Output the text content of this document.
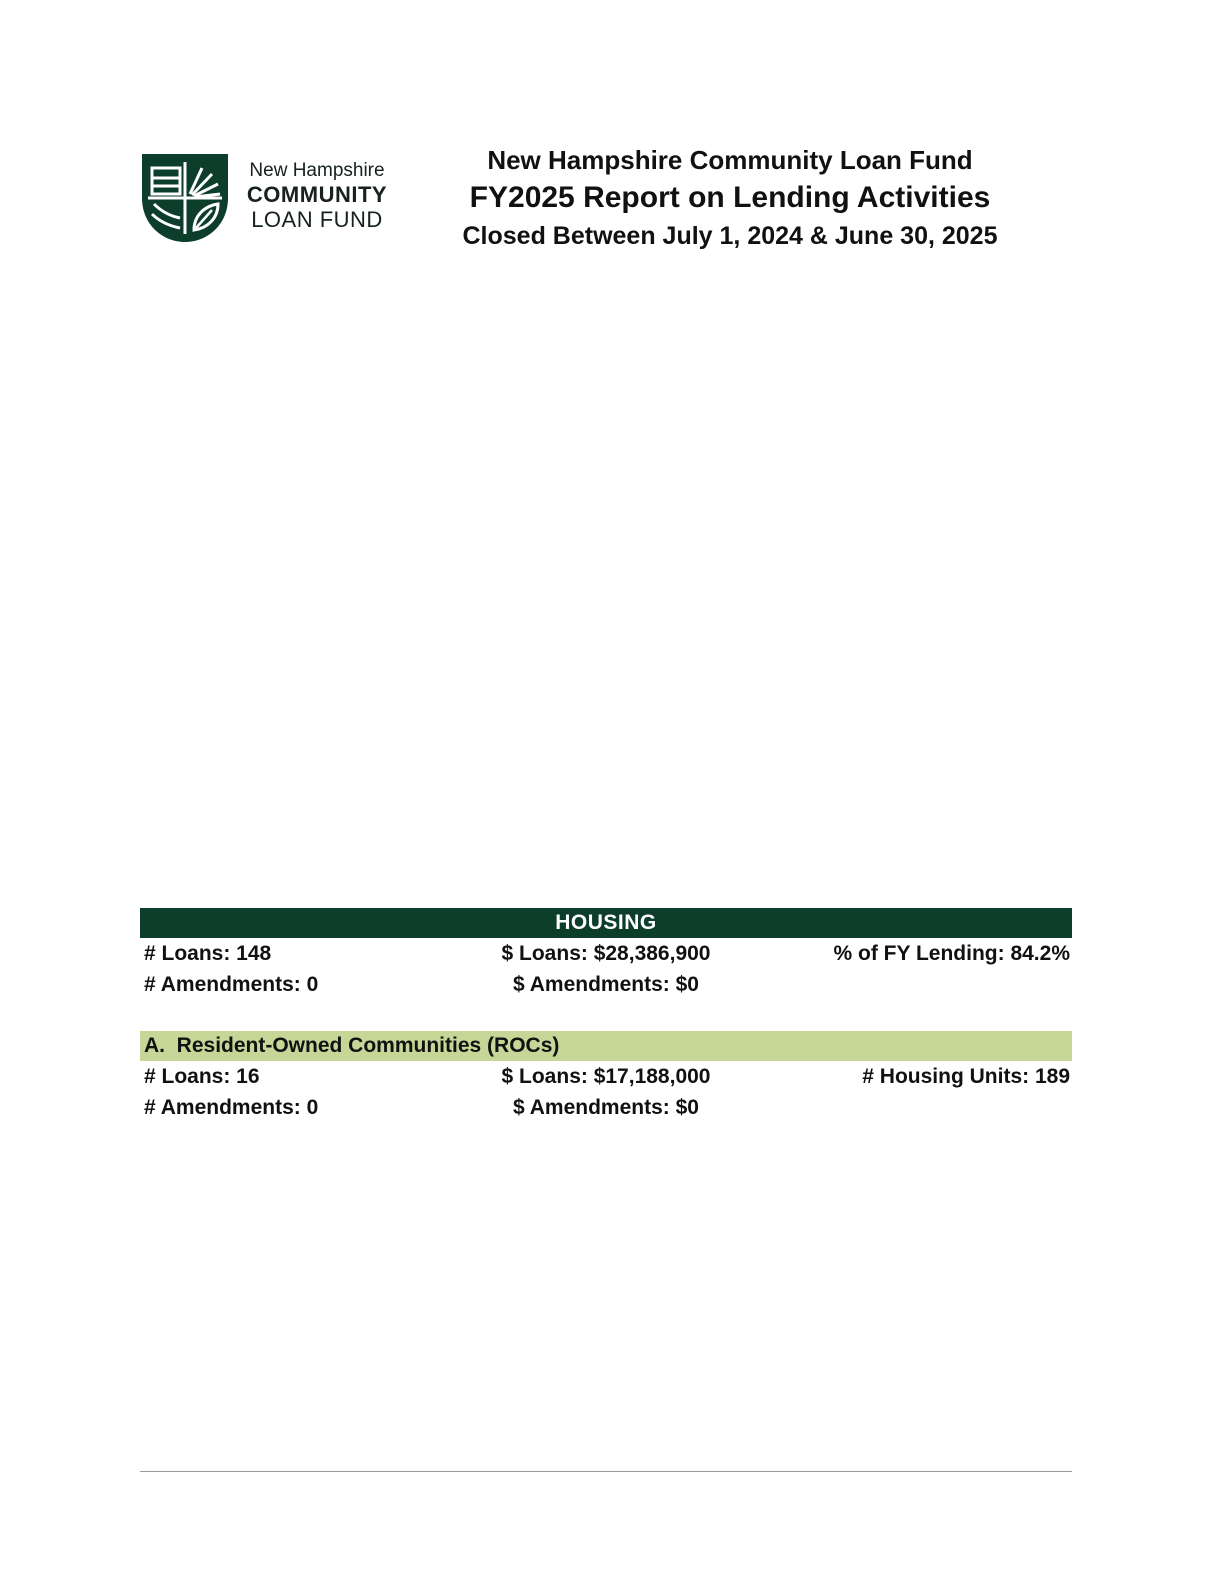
New Hampshire
COMMUNITY
LOAN FUND
New Hampshire Community Loan Fund
FY2025 Report on Lending Activities
Closed Between July 1, 2024 & June 30, 2025
HOUSING
# Loans: 148	$ Loans: $28,386,900	% of FY Lending: 84.2%
# Amendments: 0	$ Amendments: $0
A.  Resident-Owned Communities (ROCs)
# Loans: 16	$ Loans: $17,188,000	# Housing Units: 189
# Amendments: 0	$ Amendments: $0
